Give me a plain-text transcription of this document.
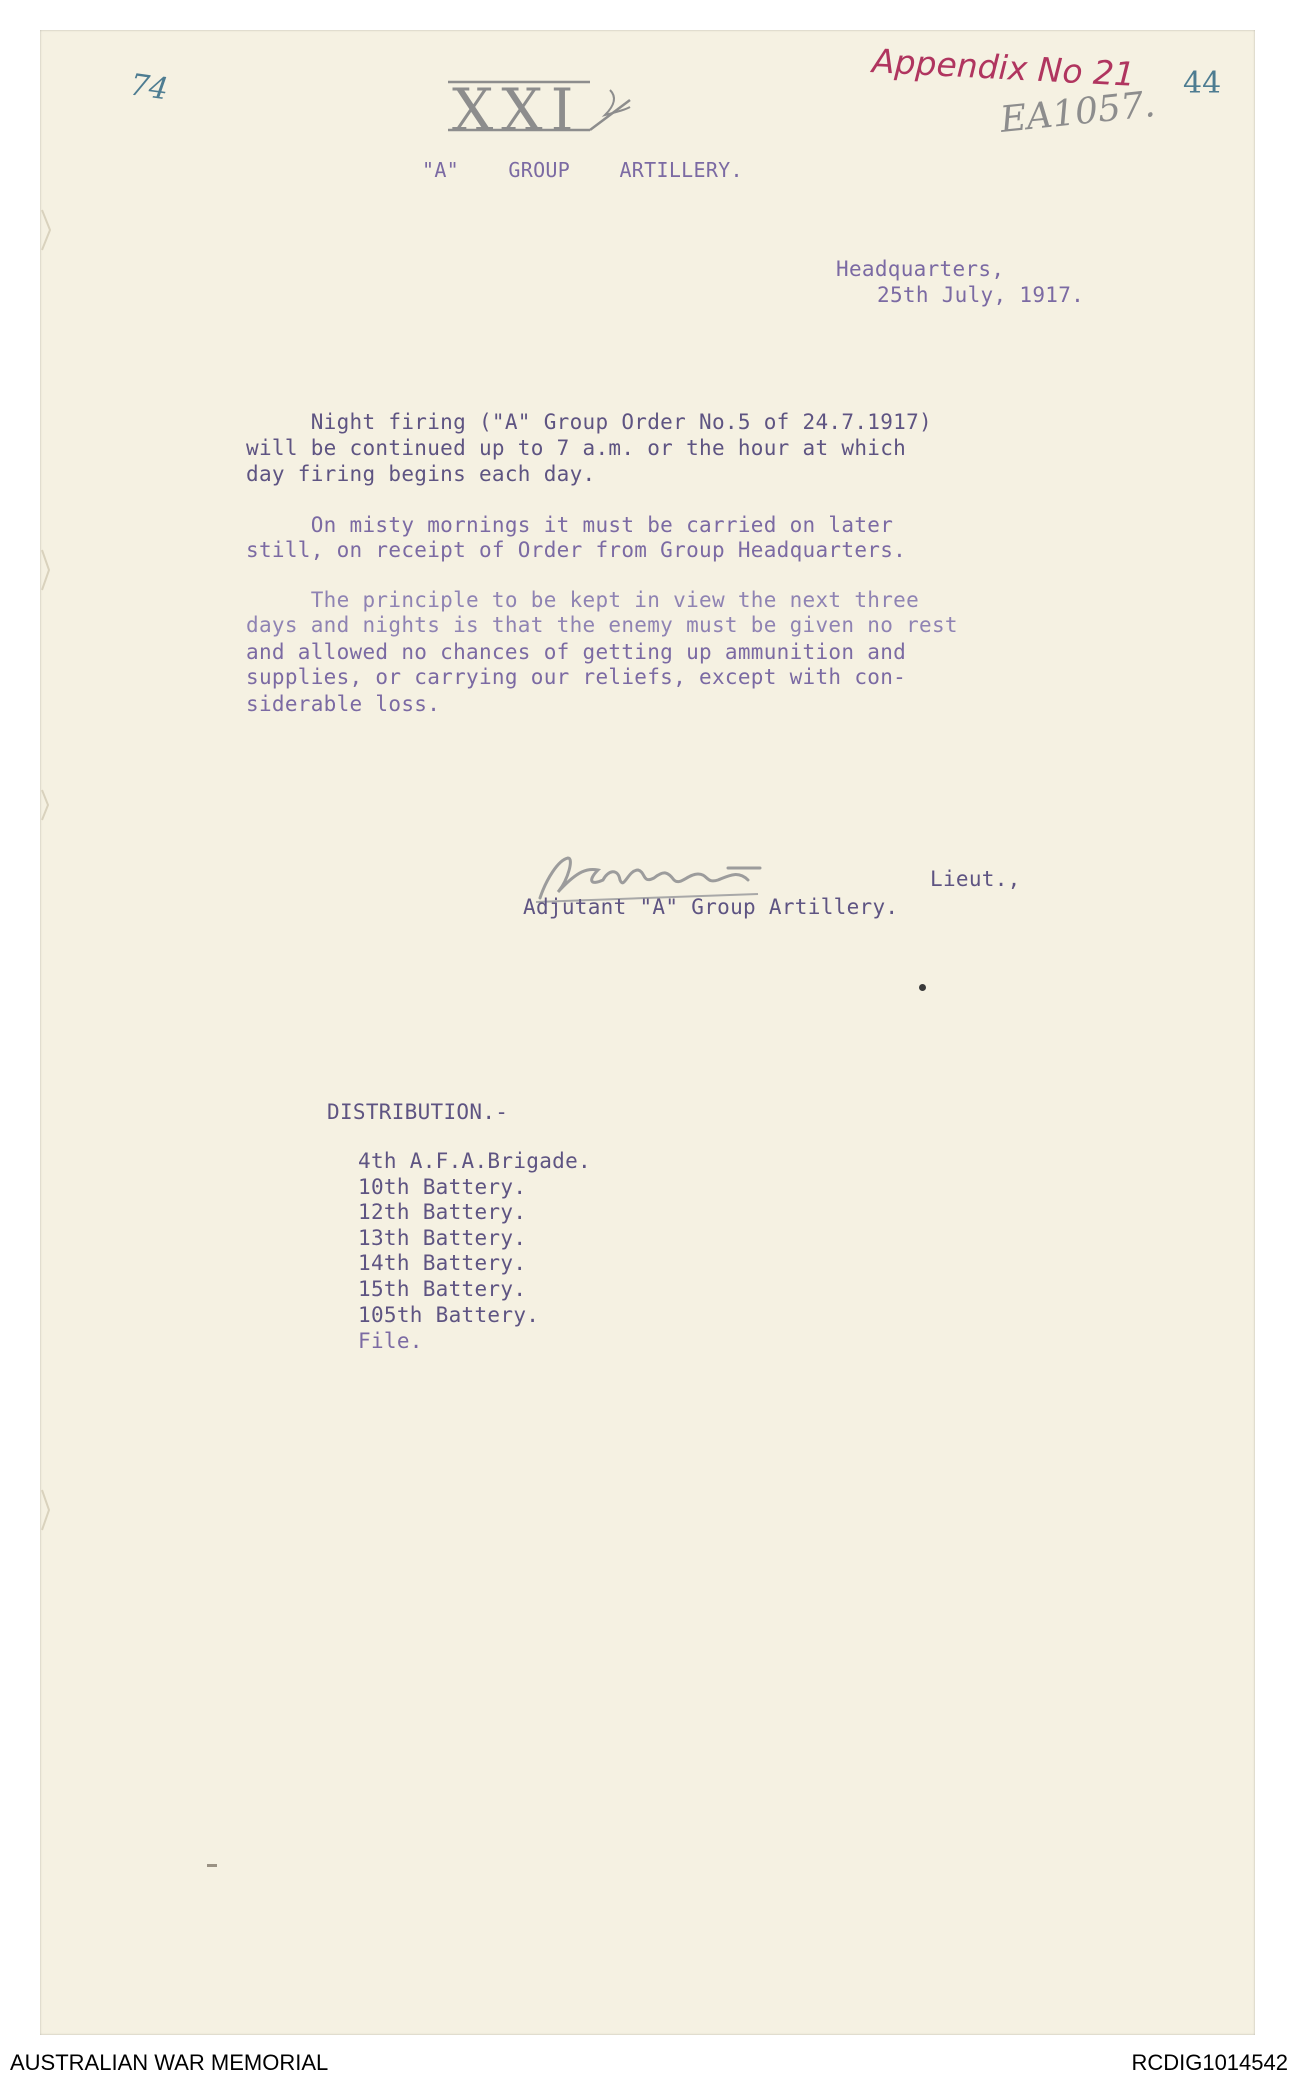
74	44
Appendix No 21
EA1057.
XXI
"A"    GROUP    ARTILLERY.
Headquarters,
25th July, 1917.
Night firing ("A" Group Order No.5 of 24.7.1917)
will be continued up to 7 a.m. or the hour at which
day firing begins each day.
On misty mornings it must be carried on later
still, on receipt of Order from Group Headquarters.
The principle to be kept in view the next three
days and nights is that the enemy must be given no rest
and allowed no chances of getting up ammunition and
supplies, or carrying our reliefs, except with con-
siderable loss.
Lieut.,
Adjutant "A" Group Artillery.
DISTRIBUTION.-
4th A.F.A.Brigade.
10th Battery.
12th Battery.
13th Battery.
14th Battery.
15th Battery.
105th Battery.
File.
AUSTRALIAN WAR MEMORIAL	RCDIG1014542
